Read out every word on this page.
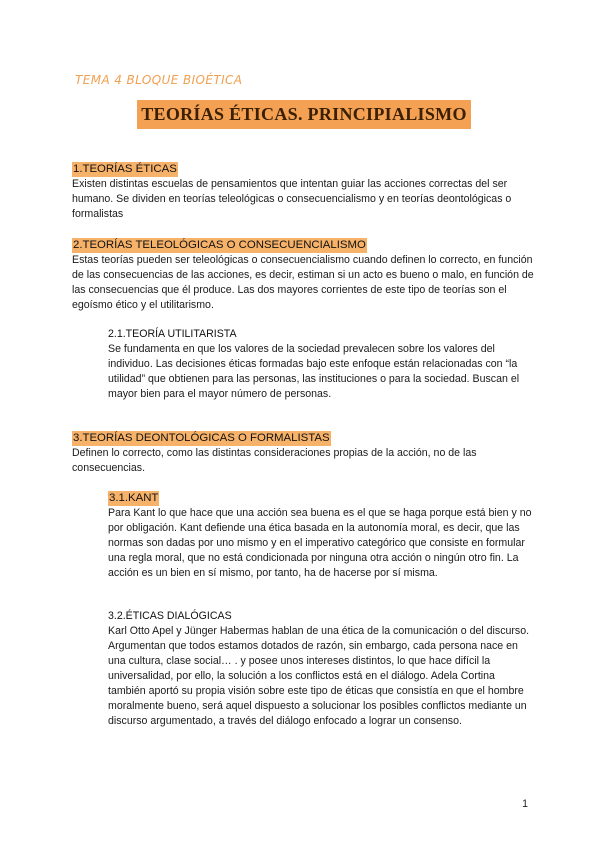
TEMA 4 BLOQUE BIOÉTICA
TEORÍAS ÉTICAS. PRINCIPIALISMO
1.TEORÍAS ÉTICAS

Existen distintas escuelas de pensamientos que intentan guiar las acciones correctas del ser humano. Se dividen en teorías teleológicas o consecuencialismo y en teorías deontológicas o formalistas

2.TEORÍAS TELEOLÓGICAS O CONSECUENCIALISMO

Estas teorías pueden ser teleológicas o consecuencialismo cuando definen lo correcto, en función de las consecuencias de las acciones, es decir, estiman si un acto es bueno o malo, en función de las consecuencias que él produce. Las dos mayores corrientes de este tipo de teorías son el egoísmo ético y el utilitarismo.

2.1.TEORÍA UTILITARISTA

Se fundamenta en que los valores de la sociedad prevalecen sobre los valores del individuo. Las decisiones éticas formadas bajo este enfoque están relacionadas con “la utilidad” que obtienen para las personas, las instituciones o para la sociedad. Buscan el mayor bien para el mayor número de personas.

3.TEORÍAS DEONTOLÓGICAS O FORMALISTAS

Definen lo correcto, como las distintas consideraciones propias de la acción, no de las consecuencias.

3.1.KANT

Para Kant lo que hace que una acción sea buena es el que se haga porque está bien y no por obligación. Kant defiende una ética basada en la autonomía moral, es decir, que las normas son dadas por uno mismo y en el imperativo categórico que consiste en formular una regla moral, que no está condicionada por ninguna otra acción o ningún otro fin. La acción es un bien en sí mismo, por tanto, ha de hacerse por sí misma.

3.2.ÉTICAS DIALÓGICAS

Karl Otto Apel y Jünger Habermas hablan de una ética de la comunicación o del discurso. Argumentan que todos estamos dotados de razón, sin embargo, cada persona nace en una cultura, clase social… . y posee unos intereses distintos, lo que hace difícil la universalidad, por ello, la solución a los conflictos está en el diálogo. Adela Cortina también aportó su propia visión sobre este tipo de éticas que consistía en que el hombre moralmente bueno, será aquel dispuesto a solucionar los posibles conflictos mediante un discurso argumentado, a través del diálogo enfocado a lograr un consenso.

1
